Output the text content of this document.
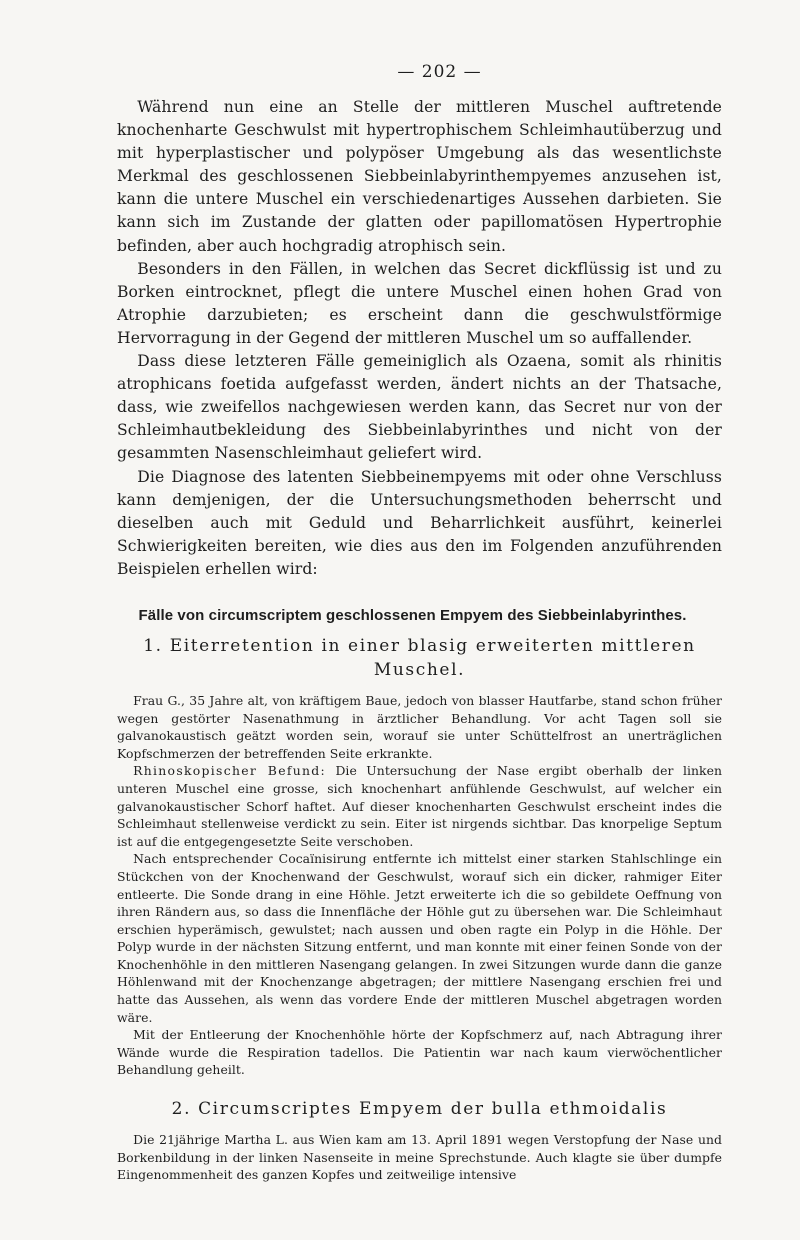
— 202 —

Während nun eine an Stelle der mittleren Muschel auftretende knochenharte Geschwulst mit hypertrophischem Schleimhautüberzug und mit hyperplastischer und polypöser Umgebung als das wesentlichste Merkmal des geschlossenen Siebbeinlabyrinthempyemes anzusehen ist, kann die untere Muschel ein verschiedenartiges Aussehen darbieten. Sie kann sich im Zustande der glatten oder papillomatösen Hypertrophie befinden, aber auch hochgradig atrophisch sein.

Besonders in den Fällen, in welchen das Secret dickflüssig ist und zu Borken eintrocknet, pflegt die untere Muschel einen hohen Grad von Atrophie darzubieten; es erscheint dann die geschwulstförmige Hervorragung in der Gegend der mittleren Muschel um so auffallender.

Dass diese letzteren Fälle gemeiniglich als Ozaena, somit als rhinitis atrophicans foetida aufgefasst werden, ändert nichts an der Thatsache, dass, wie zweifellos nachgewiesen werden kann, das Secret nur von der Schleimhautbekleidung des Siebbeinlabyrinthes und nicht von der gesammten Nasenschleimhaut geliefert wird.

Die Diagnose des latenten Siebbeinempyems mit oder ohne Verschluss kann demjenigen, der die Untersuchungsmethoden beherrscht und dieselben auch mit Geduld und Beharrlichkeit ausführt, keinerlei Schwierigkeiten bereiten, wie dies aus den im Folgenden anzuführenden Beispielen erhellen wird:

Fälle von circumscriptem geschlossenen Empyem des Siebbeinlabyrinthes.
1. Eiterretention in einer blasig erweiterten mittleren Muschel.

Frau G., 35 Jahre alt, von kräftigem Baue, jedoch von blasser Hautfarbe, stand schon früher wegen gestörter Nasenathmung in ärztlicher Behandlung. Vor acht Tagen soll sie galvanokaustisch geätzt worden sein, worauf sie unter Schüttelfrost an unerträglichen Kopfschmerzen der betreffenden Seite erkrankte.

Rhinoskopischer Befund: Die Untersuchung der Nase ergibt oberhalb der linken unteren Muschel eine grosse, sich knochenhart anfühlende Geschwulst, auf welcher ein galvanokaustischer Schorf haftet. Auf dieser knochenharten Geschwulst erscheint indes die Schleimhaut stellenweise verdickt zu sein. Eiter ist nirgends sichtbar. Das knorpelige Septum ist auf die entgegengesetzte Seite verschoben.

Nach entsprechender Cocaïnisirung entfernte ich mittelst einer starken Stahlschlinge ein Stückchen von der Knochenwand der Geschwulst, worauf sich ein dicker, rahmiger Eiter entleerte. Die Sonde drang in eine Höhle. Jetzt erweiterte ich die so gebildete Oeffnung von ihren Rändern aus, so dass die Innenfläche der Höhle gut zu übersehen war. Die Schleimhaut erschien hyperämisch, gewulstet; nach aussen und oben ragte ein Polyp in die Höhle. Der Polyp wurde in der nächsten Sitzung entfernt, und man konnte mit einer feinen Sonde von der Knochenhöhle in den mittleren Nasengang gelangen. In zwei Sitzungen wurde dann die ganze Höhlenwand mit der Knochenzange abgetragen; der mittlere Nasengang erschien frei und hatte das Aussehen, als wenn das vordere Ende der mittleren Muschel abgetragen worden wäre.

Mit der Entleerung der Knochenhöhle hörte der Kopfschmerz auf, nach Abtragung ihrer Wände wurde die Respiration tadellos. Die Patientin war nach kaum vierwöchentlicher Behandlung geheilt.

2. Circumscriptes Empyem der bulla ethmoidalis

Die 21jährige Martha L. aus Wien kam am 13. April 1891 wegen Verstopfung der Nase und Borkenbildung in der linken Nasenseite in meine Sprechstunde. Auch klagte sie über dumpfe Eingenommenheit des ganzen Kopfes und zeitweilige intensive
